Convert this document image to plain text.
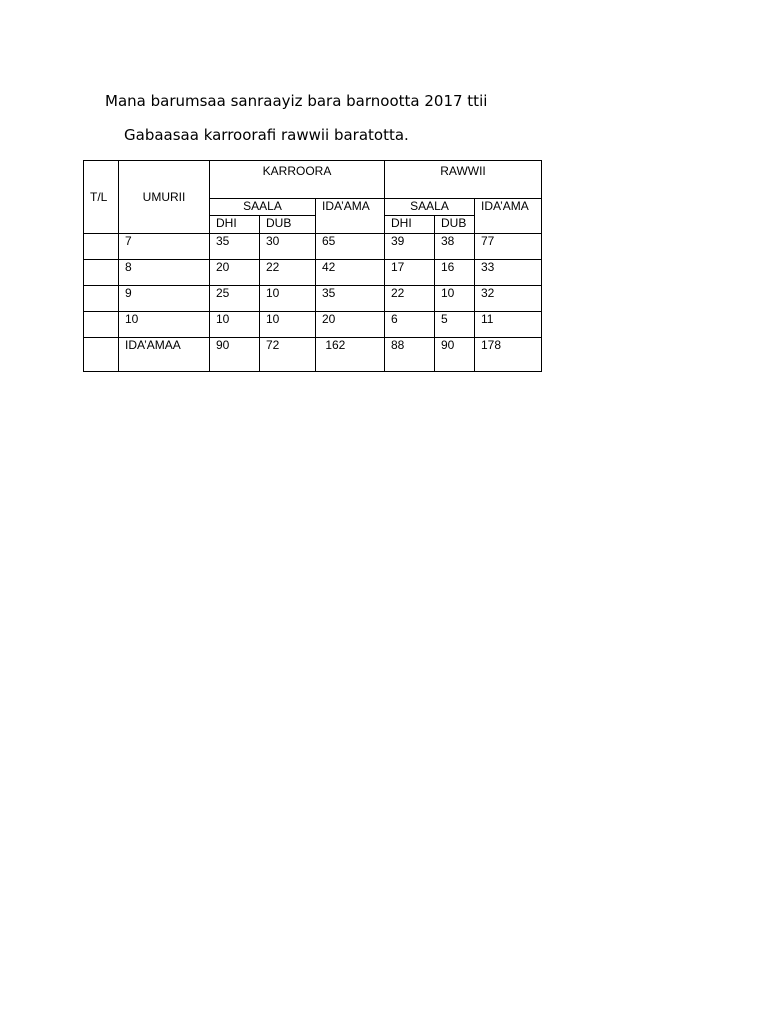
Mana barumsaa sanraayiz bara barnootta 2017 ttii
Gabaasaa karroorafi rawwii baratotta.
T/L	UMURII	KARROORA			RAWWII		
		SAALA		IDA’AMA	SAALA		IDA’AMA
		DHI	DUB		DHI	DUB	
	7	35	30	65	39	38	77
	8	20	22	42	17	16	33
	9	25	10	35	22	10	32
	10	10	10	20	6	5	11
	IDA’AMAA	90	72	162	88	90	178
